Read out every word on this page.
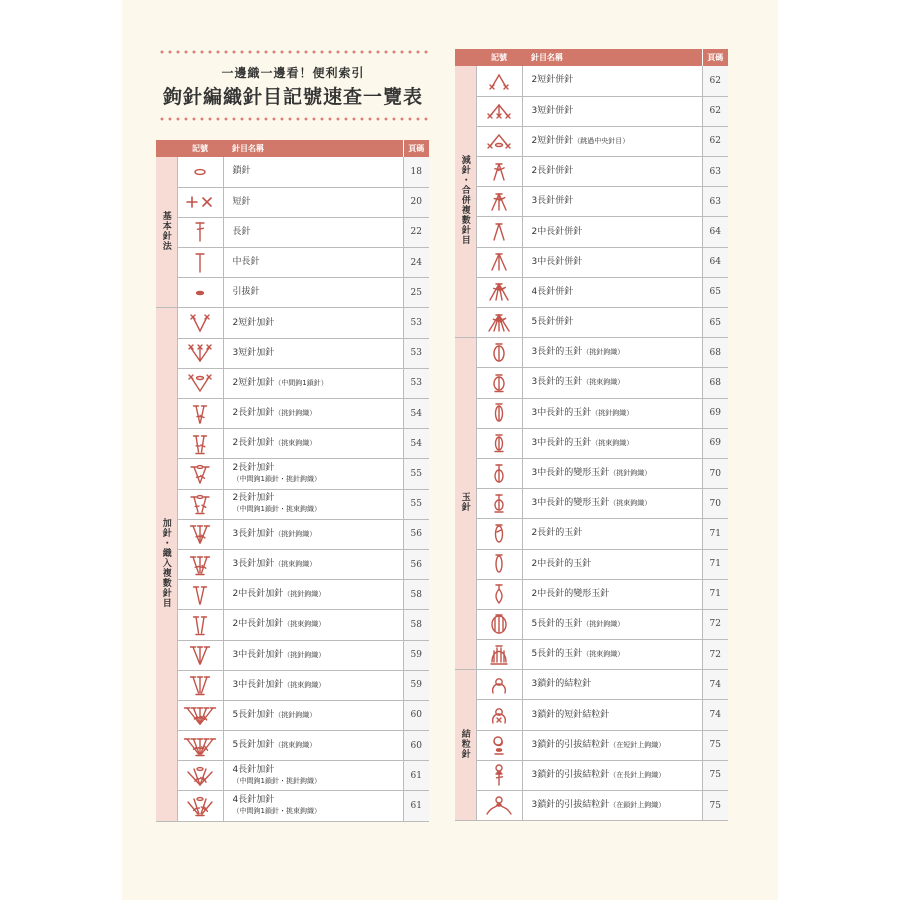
一邊織一邊看！便利索引
鉤針編織針目記號速查一覽表
	記號	針目名稱	頁碼
基本針法		鎖針	18

	短針	20

	長針	22

	中長針	24

	引拔針	25
加針・織入複數針目		2短針加針	53

	3短針加針	53

	2短針加針（中間鉤1鎖針）	53

	2長針加針（挑針鉤織）	54

	2長針加針（挑束鉤織）	54

	2長針加針
（中間鉤1鎖針・挑針鉤織）	55

	2長針加針
（中間鉤1鎖針・挑束鉤織）	55

	3長針加針（挑針鉤織）	56

	3長針加針（挑束鉤織）	56

	2中長針加針（挑針鉤織）	58

	2中長針加針（挑束鉤織）	58

	3中長針加針（挑針鉤織）	59

	3中長針加針（挑束鉤織）	59

	5長針加針（挑針鉤織）	60

	5長針加針（挑束鉤織）	60

	4長針加針
（中間鉤1鎖針・挑針鉤織）	61

	4長針加針
（中間鉤1鎖針・挑束鉤織）	61
	記號	針目名稱	頁碼
減針・合併複數針目		2短針併針	62

	3短針併針	62

	2短針併針（跳過中央針目）	62

	2長針併針	63

	3長針併針	63

	2中長針併針	64

	3中長針併針	64

	4長針併針	65

	5長針併針	65
玉針		3長針的玉針（挑針鉤織）	68

	3長針的玉針（挑束鉤織）	68

	3中長針的玉針（挑針鉤織）	69

	3中長針的玉針（挑束鉤織）	69

	3中長針的變形玉針（挑針鉤織）	70

	3中長針的變形玉針（挑束鉤織）	70

	2長針的玉針	71

	2中長針的玉針	71

	2中長針的變形玉針	71

	5長針的玉針（挑針鉤織）	72

	5長針的玉針（挑束鉤織）	72
結粒針		3鎖針的結粒針	74

	3鎖針的短針結粒針	74

	3鎖針的引拔結粒針（在短針上鉤織）	75

	3鎖針的引拔結粒針（在長針上鉤織）	75

	3鎖針的引拔結粒針（在鎖針上鉤織）	75
